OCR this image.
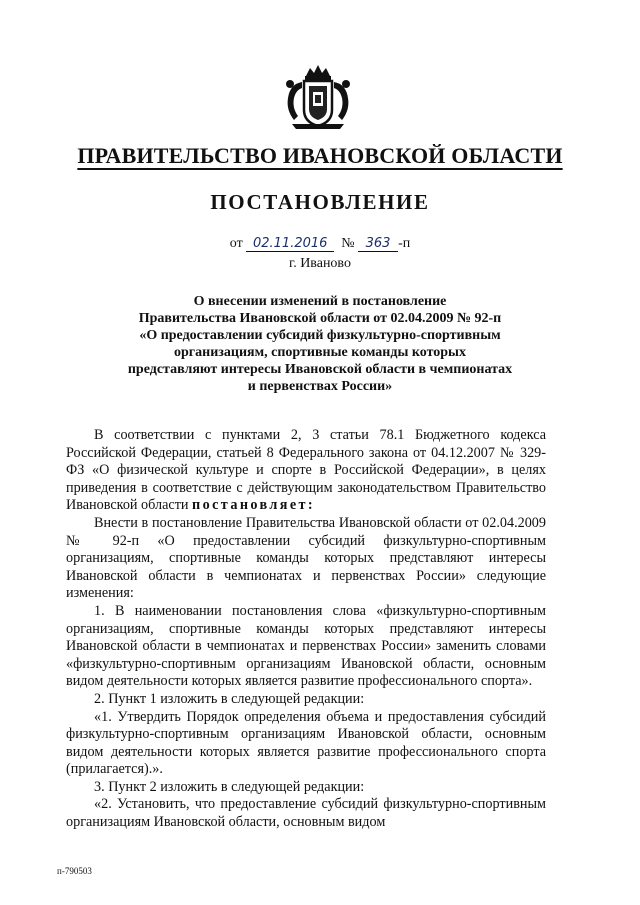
ПРАВИТЕЛЬСТВО ИВАНОВСКОЙ ОБЛАСТИ
ПОСТАНОВЛЕНИЕ
от 02.11.2016 № 363 -п
г. Иваново
О внесении изменений в постановление
Правительства Ивановской области от 02.04.2009 № 92-п
«О предоставлении субсидий физкультурно-спортивным
организациям, спортивные команды которых
представляют интересы Ивановской области в чемпионатах
и первенствах России»

В соответствии с пунктами 2, 3 статьи 78.1 Бюджетного кодекса Российской Федерации, статьей 8 Федерального закона от 04.12.2007 № 329-ФЗ «О физической культуре и спорте в Российской Федерации», в целях приведения в соответствие с действующим законодательством Правительство Ивановской области постановляет:

Внести в постановление Правительства Ивановской области от 02.04.2009 № 92-п «О предоставлении субсидий физкультурно-спортивным организациям, спортивные команды которых представляют интересы Ивановской области в чемпионатах и первенствах России» следующие изменения:

1. В наименовании постановления слова «физкультурно-спортивным организациям, спортивные команды которых представляют интересы Ивановской области в чемпионатах и первенствах России» заменить словами «физкультурно-спортивным организациям Ивановской области, основным видом деятельности которых является развитие профессионального спорта».

2. Пункт 1 изложить в следующей редакции:

«1. Утвердить Порядок определения объема и предоставления субсидий физкультурно-спортивным организациям Ивановской области, основным видом деятельности которых является развитие профессионального спорта (прилагается).».

3. Пункт 2 изложить в следующей редакции:

«2. Установить, что предоставление субсидий физкультурно-спортивным организациям Ивановской области, основным видом

п-790503
